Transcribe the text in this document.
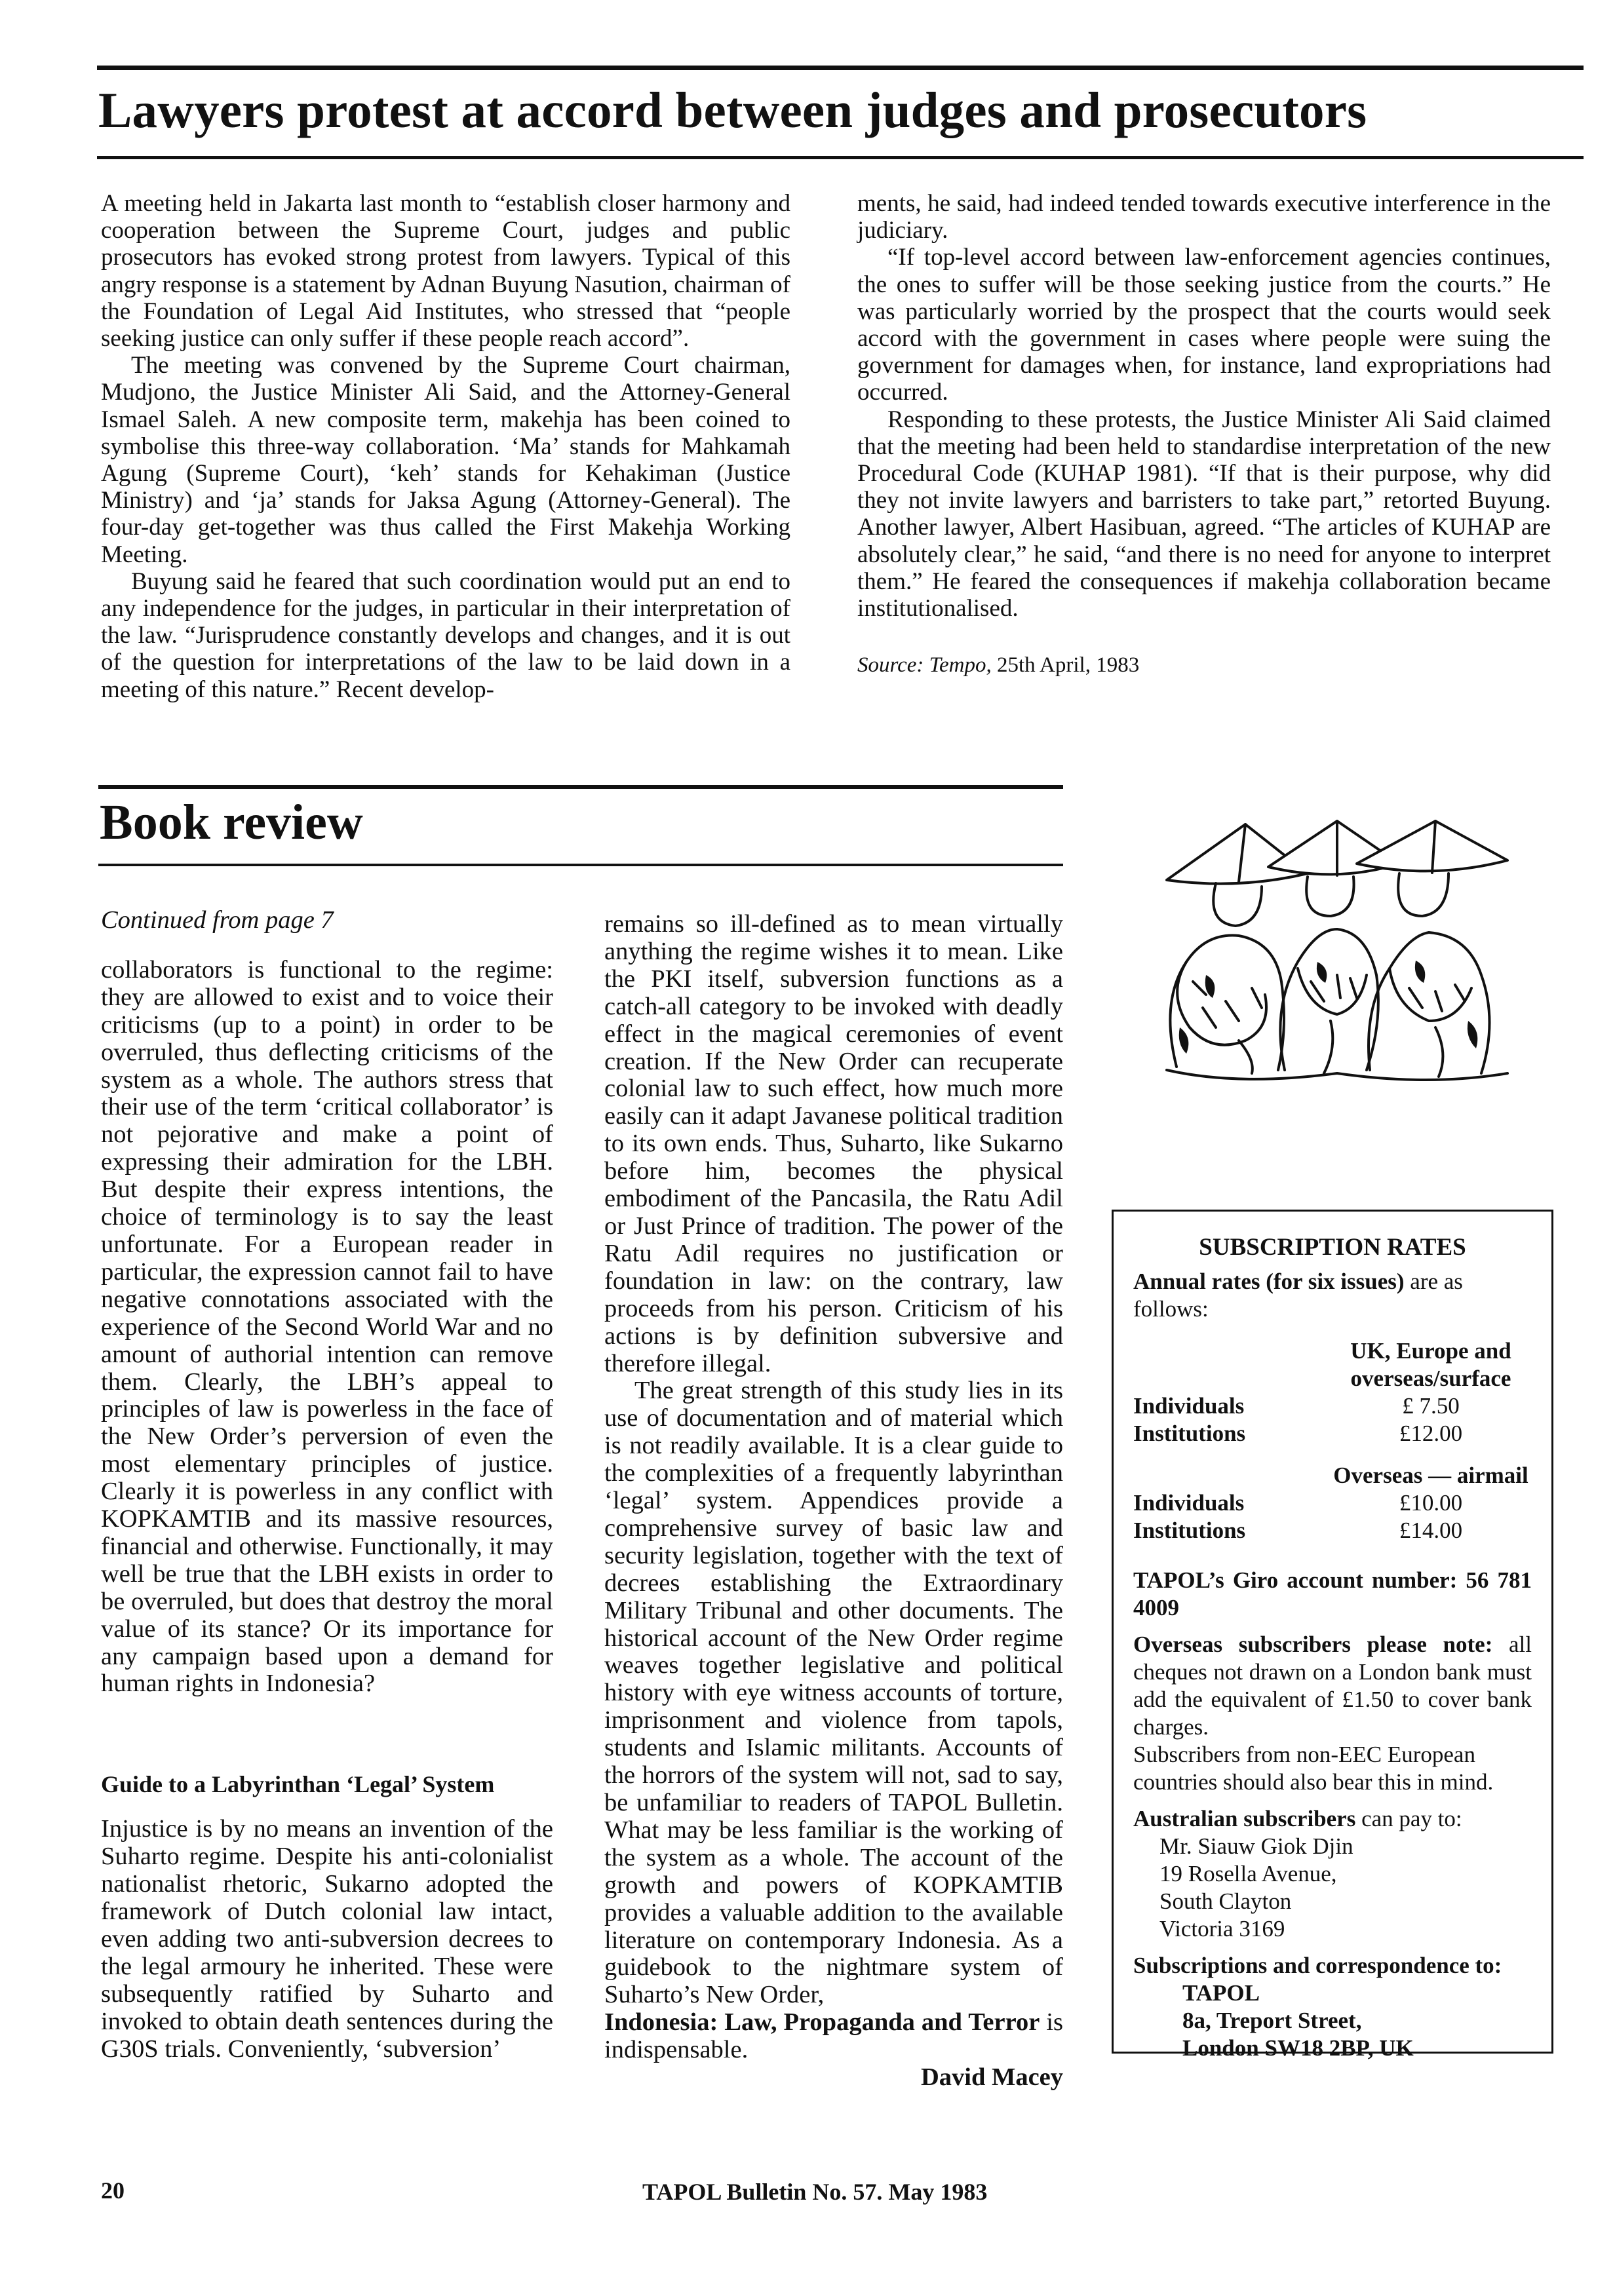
Lawyers protest at accord between judges and prosecutors

A meeting held in Jakarta last month to “establish closer harmony and cooperation between the Supreme Court, judges and public prosecutors has evoked strong protest from lawyers. Typical of this angry response is a statement by Adnan Buyung Nasution, chairman of the Foundation of Legal Aid Institutes, who stressed that “people seeking justice can only suffer if these people reach accord”.

The meeting was convened by the Supreme Court chairman, Mudjono, the Justice Minister Ali Said, and the Attorney-General Ismael Saleh. A new composite term, makehja has been coined to symbolise this three-way collaboration. ‘Ma’ stands for Mahkamah Agung (Supreme Court), ‘keh’ stands for Kehakiman (Justice Ministry) and ‘ja’ stands for Jaksa Agung (Attorney-General). The four-day get-together was thus called the First Makehja Working Meeting.

Buyung said he feared that such coordination would put an end to any independence for the judges, in particular in their interpretation of the law. “Jurisprudence constantly develops and changes, and it is out of the question for interpretations of the law to be laid down in a meeting of this nature.” Recent develop-

ments, he said, had indeed tended towards executive interference in the judiciary.

“If top-level accord between law-enforcement agencies continues, the ones to suffer will be those seeking justice from the courts.” He was particularly worried by the prospect that the courts would seek accord with the government in cases where people were suing the government for damages when, for instance, land expropriations had occurred.

Responding to these protests, the Justice Minister Ali Said claimed that the meeting had been held to standardise interpretation of the new Procedural Code (KUHAP 1981). “If that is their purpose, why did they not invite lawyers and barristers to take part,” retorted Buyung. Another lawyer, Albert Hasibuan, agreed. “The articles of KUHAP are absolutely clear,” he said, “and there is no need for anyone to interpret them.” He feared the consequences if makehja collaboration became institutionalised.

Source: Tempo, 25th April, 1983

Book review

Continued from page 7

collaborators is functional to the regime: they are allowed to exist and to voice their criticisms (up to a point) in order to be overruled, thus deflecting criticisms of the system as a whole. The authors stress that their use of the term ‘critical collaborator’ is not pejorative and make a point of expressing their admiration for the LBH. But despite their express intentions, the choice of terminology is to say the least unfortunate. For a European reader in particular, the expression cannot fail to have negative connotations associated with the experience of the Second World War and no amount of authorial intention can remove them. Clearly, the LBH’s appeal to principles of law is powerless in the face of the New Order’s perversion of even the most elementary principles of justice. Clearly it is powerless in any conflict with KOPKAMTIB and its massive resources, financial and otherwise. Functionally, it may well be true that the LBH exists in order to be overruled, but does that destroy the moral value of its stance? Or its importance for any campaign based upon a demand for human rights in Indonesia?

Guide to a Labyrinthan ‘Legal’ System

Injustice is by no means an invention of the Suharto regime. Despite his anti-colonialist nationalist rhetoric, Sukarno adopted the framework of Dutch colonial law intact, even adding two anti-subversion decrees to the legal armoury he inherited. These were subsequently ratified by Suharto and invoked to obtain death sentences during the G30S trials. Conveniently, ‘subversion’

remains so ill-defined as to mean virtually anything the regime wishes it to mean. Like the PKI itself, subversion functions as a catch-all category to be invoked with deadly effect in the magical ceremonies of event creation. If the New Order can recuperate colonial law to such effect, how much more easily can it adapt Javanese political tradition to its own ends. Thus, Suharto, like Sukarno before him, becomes the physical embodiment of the Pancasila, the Ratu Adil or Just Prince of tradition. The power of the Ratu Adil requires no justification or foundation in law: on the contrary, law proceeds from his person. Criticism of his actions is by definition subversive and therefore illegal.

The great strength of this study lies in its use of documentation and of material which is not readily available. It is a clear guide to the complexities of a frequently labyrinthan ‘legal’ system. Appendices provide a comprehensive survey of basic law and security legislation, together with the text of decrees establishing the Extraordinary Military Tribunal and other documents. The historical account of the New Order regime weaves together legislative and political history with eye witness accounts of torture, imprisonment and violence from tapols, students and Islamic militants. Accounts of the horrors of the system will not, sad to say, be unfamiliar to readers of TAPOL Bulletin. What may be less familiar is the working of the system as a whole. The account of the growth and powers of KOPKAMTIB provides a valuable addition to the available literature on contemporary Indonesia. As a guidebook to the nightmare system of Suharto’s New Order,

Indonesia: Law, Propaganda and Terror is indispensable.

David Macey

SUBSCRIPTION RATES

Annual rates (for six issues) are as follows:

UK, Europe and
overseas/surface
Individuals	£ 7.50
Institutions	£12.00
Overseas — airmail
Individuals	£10.00
Institutions	£14.00

TAPOL’s Giro account number: 56 781 4009

Overseas subscribers please note: all cheques not drawn on a London bank must add the equivalent of £1.50 to cover bank charges.

Subscribers from non-EEC European countries should also bear this in mind.

Australian subscribers can pay to:

Mr. Siauw Giok Djin
19 Rosella Avenue,
South Clayton
Victoria 3169

Subscriptions and correspondence to:

TAPOL
8a, Treport Street,
London SW18 2BP, UK
20	TAPOL Bulletin No. 57. May 1983
